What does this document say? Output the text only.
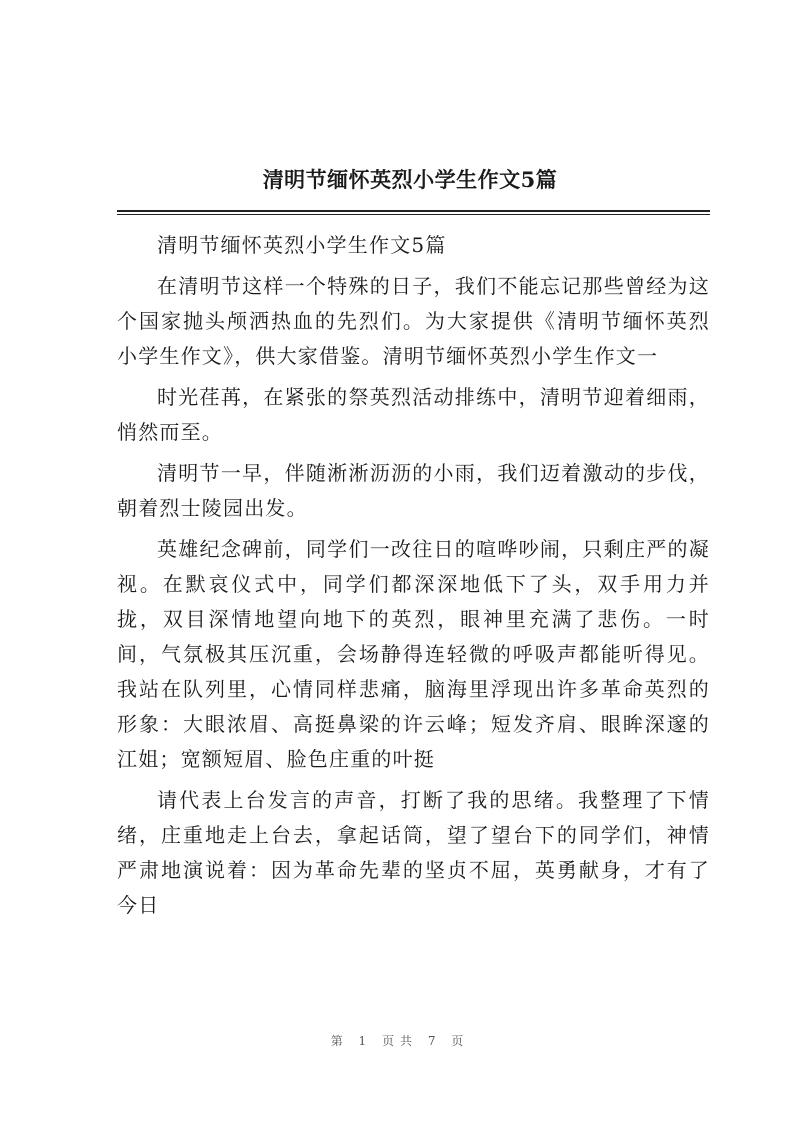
清明节缅怀英烈小学生作文5篇

清明节缅怀英烈小学生作文5篇

在清明节这样一个特殊的日子，我们不能忘记那些曾经为这个国家抛头颅洒热血的先烈们。为大家提供《清明节缅怀英烈小学生作文》，供大家借鉴。清明节缅怀英烈小学生作文一

时光荏苒，在紧张的祭英烈活动排练中，清明节迎着细雨，悄然而至。

清明节一早，伴随淅淅沥沥的小雨，我们迈着激动的步伐，朝着烈士陵园出发。

英雄纪念碑前，同学们一改往日的喧哗吵闹，只剩庄严的凝视。在默哀仪式中，同学们都深深地低下了头，双手用力并拢，双目深情地望向地下的英烈，眼神里充满了悲伤。一时间，气氛极其压沉重，会场静得连轻微的呼吸声都能听得见。我站在队列里，心情同样悲痛，脑海里浮现出许多革命英烈的形象：大眼浓眉、高挺鼻梁的许云峰；短发齐肩、眼眸深邃的江姐；宽额短眉、脸色庄重的叶挺

请代表上台发言的声音，打断了我的思绪。我整理了下情绪，庄重地走上台去，拿起话筒，望了望台下的同学们，神情严肃地演说着：因为革命先辈的坚贞不屈，英勇献身，才有了今日

第 1 页共 7 页
